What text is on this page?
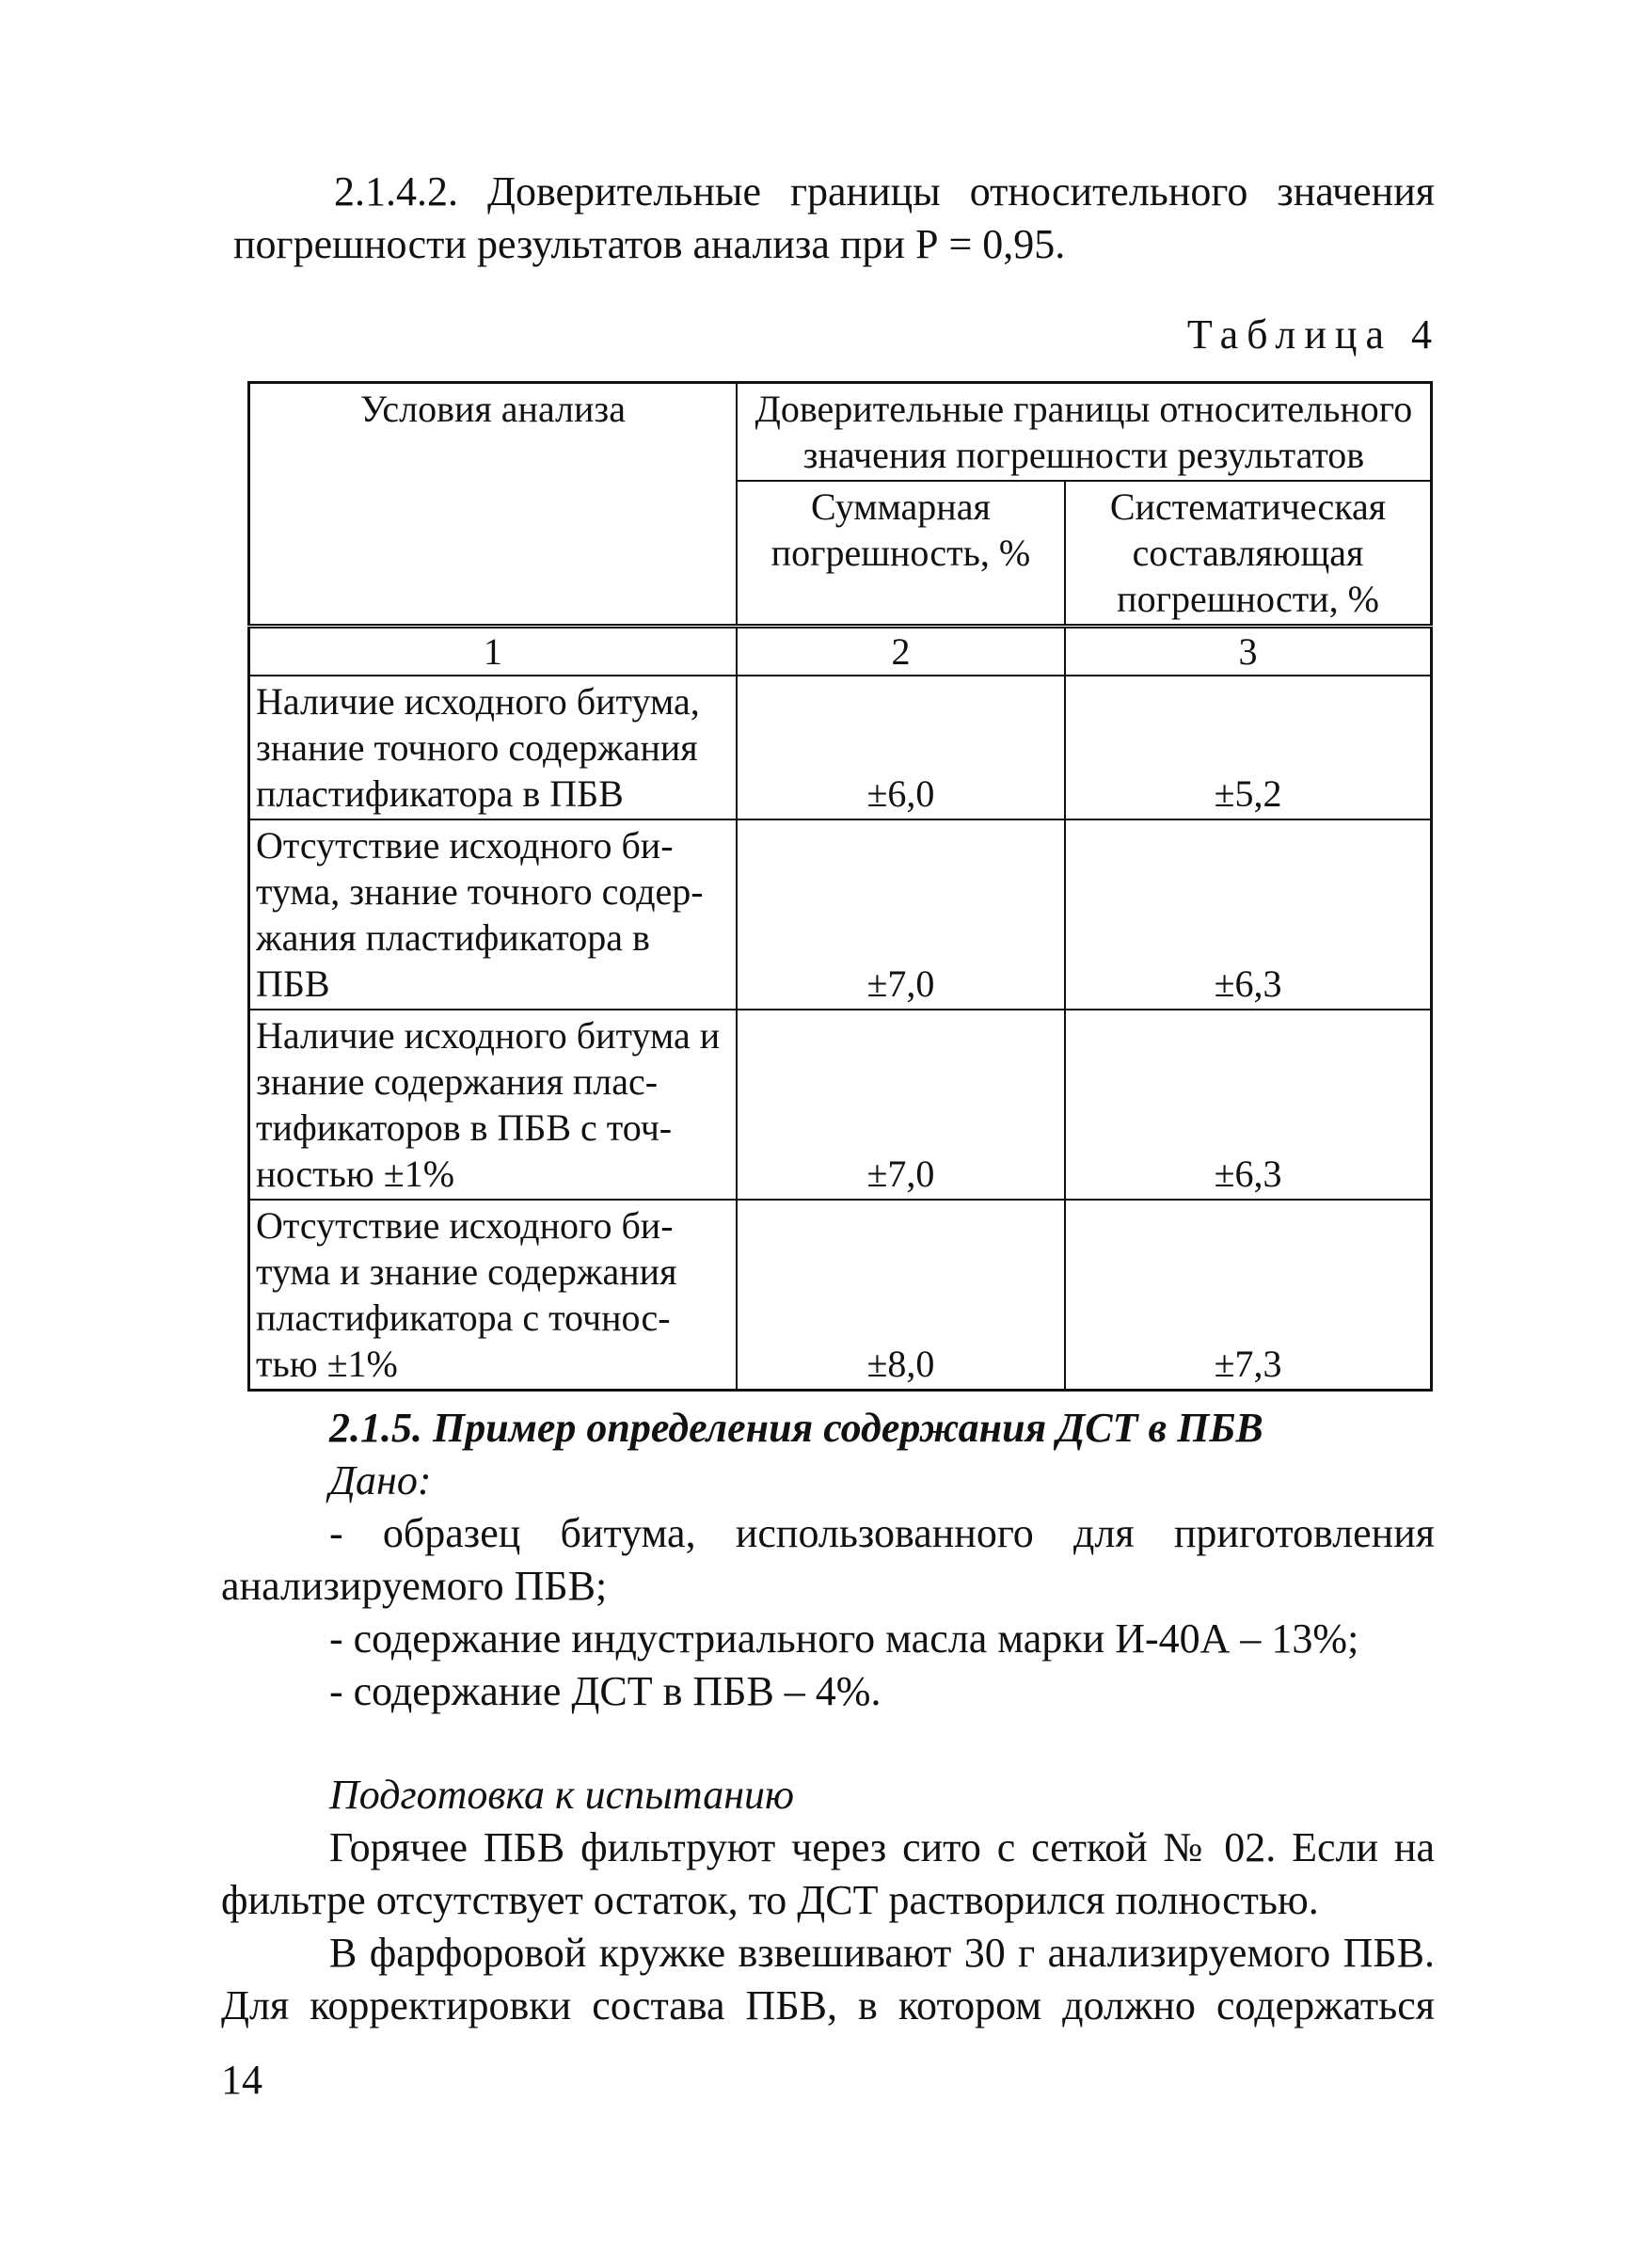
2.1.4.2. Доверительные границы относительного значения
погрешности результатов анализа при Р = 0,95.
Таблица 4
Условия анализа	Доверительные границы относительного значения погрешности результатов	
	Суммарная погрешность, %	Систематическая составляющая погрешности, %
1	2	3
Наличие исходного битума, знание точного содержания пластификатора в ПБВ	±6,0	±5,2
Отсутствие исходного би-тума, знание точного содер-жания пластификатора в ПБВ	±7,0	±6,3
Наличие исходного битума и знание содержания плас-тификаторов в ПБВ с точ-ностью ±1%	±7,0	±6,3
Отсутствие исходного би-тума и знание содержания пластификатора с точнос-тью ±1%	±8,0	±7,3
2.1.5. Пример определения содержания ДСТ в ПБВ
Дано:
- образец битума, использованного для приготовления
анализируемого ПБВ;
- содержание индустриального масла марки И-40А – 13%;
- содержание ДСТ в ПБВ – 4%.
Подготовка к испытанию
Горячее ПБВ фильтруют через сито с сеткой № 02. Если на
фильтре отсутствует остаток, то ДСТ растворился полностью.
В фарфоровой кружке взвешивают 30 г анализируемого ПБВ.
Для корректировки состава ПБВ, в котором должно содержаться
14
